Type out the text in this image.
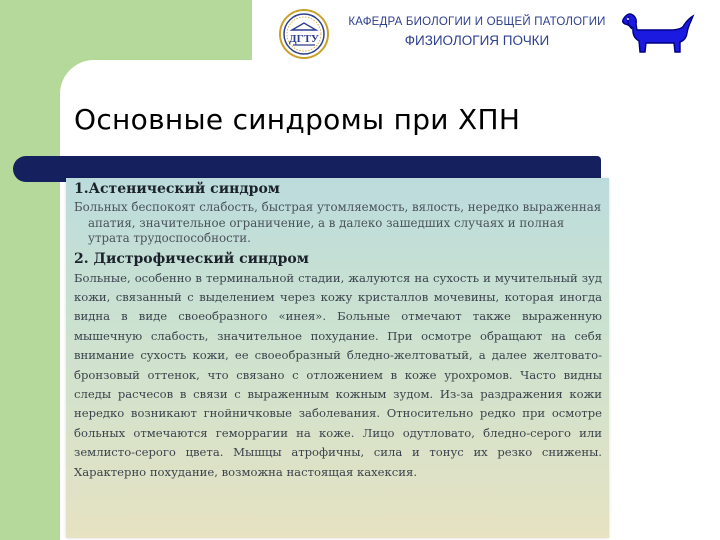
ДГТУ
КАФЕДРА БИОЛОГИИ И ОБЩЕЙ ПАТОЛОГИИ
ФИЗИОЛОГИЯ ПОЧКИ
Основные синдромы при ХПН
1.Астенический синдром
Больных беспокоят слабость, быстрая утомляемость, вялость, нередко выраженная апатия, значительное ограничение, а в далеко зашедших случаях и полная утрата трудоспособности.
2. Дистрофический синдром
Больные, особенно в терминальной стадии, жалуются на сухость и мучительный зуд кожи, связанный с выделением через кожу кристаллов мочевины, которая иногда видна в виде своеобразного «инея». Больные отмечают также выраженную мышечную слабость, значительное похудание. При осмотре обращают на себя внимание сухость кожи, ее своеобразный бледно-желтоватый, а далее желтовато-бронзовый оттенок, что связано с отложением в коже урохромов. Часто видны следы расчесов в связи с выраженным кожным зудом. Из-за раздражения кожи нередко возникают гнойничковые заболевания. Относительно редко при осмотре больных отмечаются геморрагии на коже. Лицо одутловато, бледно-серого или землисто-серого цвета. Мышцы атрофичны, сила и тонус их резко снижены. Характерно похудание, возможна настоящая кахексия.
